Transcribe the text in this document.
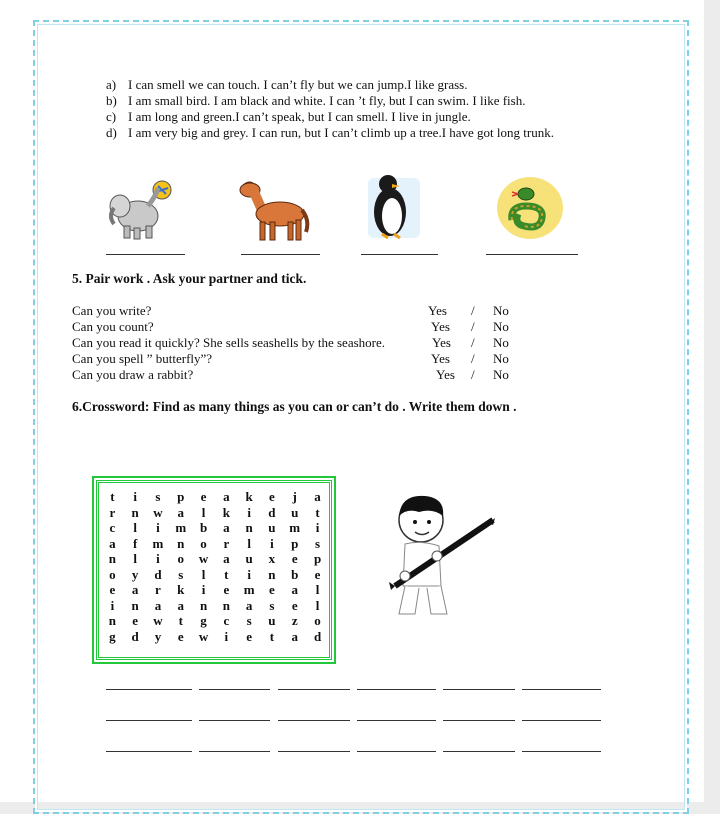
a) I can smell we can touch. I can’t fly but we can jump.I like grass.
b) I am small bird. I am black and white. I can ’t fly, but I can swim. I like fish.
c) I am long and green.I can’t speak, but I can smell. I live in jungle.
d) I am very big and grey. I can run, but I can’t climb up a tree.I have got long trunk.
5. Pair work . Ask your partner and tick.
Can you write?	Yes / No
Can you count?	Yes / No
Can you read it quickly? She sells seashells by the seashore.	Yes / No
Can you spell ” butterfly”?	Yes / No
Can you draw a rabbit?	Yes / No
6.Crossword: Find as many things as you can or can’t do . Write them down .
t	i	s	p	e	a	k	e	j	a
r	n	w	a	l	k	i	d	u	t
c	l	i	m	b	a	n	u	m	i
a	f	m	n	o	r	l	i	p	s
n	l	i	o	w	a	u	x	e	p
o	y	d	s	l	t	i	n	b	e
e	a	r	k	i	e	m	e	a	l
i	n	a	a	n	n	a	s	e	l
n	e	w	t	g	c	s	u	z	o
g	d	y	e	w	i	e	t	a	d
